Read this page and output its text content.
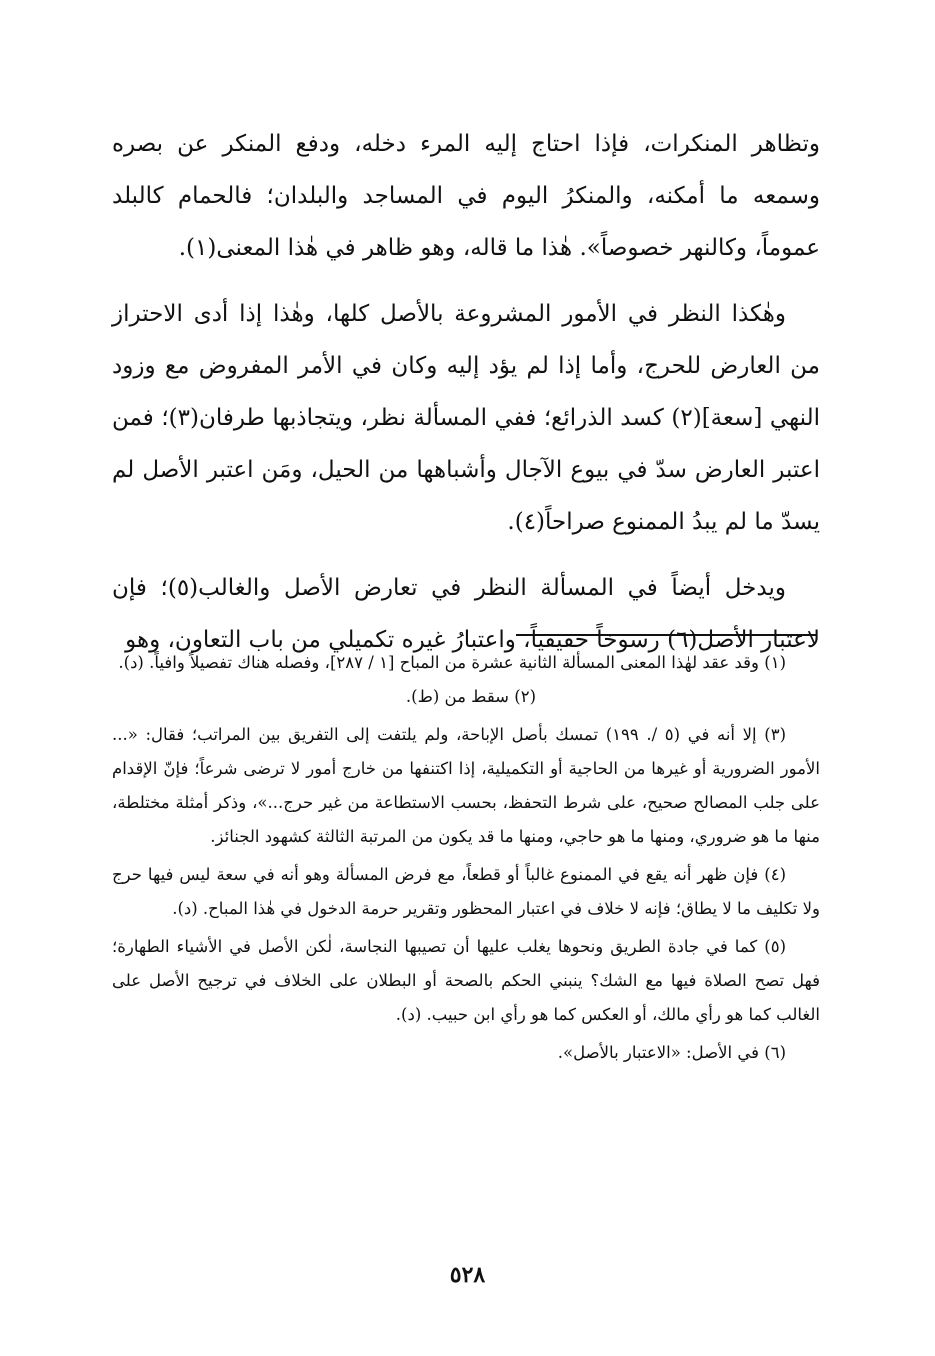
وتظاهر المنكرات، فإذا احتاج إليه المرء دخله، ودفع المنكر عن بصره وسمعه ما أمكنه، والمنكرُ اليوم في المساجد والبلدان؛ فالحمام كالبلد عموماً، وكالنهر خصوصاً». هٰذا ما قاله، وهو ظاهر في هٰذا المعنى(١).

وهٰكذا النظر في الأمور المشروعة بالأصل كلها، وهٰذا إذا أدى الاحتراز من العارض للحرج، وأما إذا لم يؤد إليه وكان في الأمر المفروض مع وزود النهي [سعة](٢) كسد الذرائع؛ ففي المسألة نظر، ويتجاذبها طرفان(٣)؛ فمن اعتبر العارض سدّ في بيوع الآجال وأشباهها من الحيل، ومَن اعتبر الأصل لم يسدّ ما لم يبدُ الممنوع صراحاً(٤).

ويدخل أيضاً في المسألة النظر في تعارض الأصل والغالب(٥)؛ فإن لاعتبار الأصل(٦) رسوخاً حقيقياً، واعتبارُ غيره تكميلي من باب التعاون، وهو

(١) وقد عقد لهٰذا المعنى المسألة الثانية عشرة من المباح [١ / ٢٨٧]، وفصله هناك تفصيلاً وافياً. (د).

(٢) سقط من (ط).

(٣) إلا أنه في (٥ /. ١٩٩) تمسك بأصل الإباحة، ولم يلتفت إلى التفريق بين المراتب؛ فقال: «... الأمور الضرورية أو غيرها من الحاجية أو التكميلية، إذا اكتنفها من خارج أمور لا ترضى شرعاً؛ فإنّ الإقدام على جلب المصالح صحيح، على شرط التحفظ، بحسب الاستطاعة من غير حرج...»، وذكر أمثلة مختلطة، منها ما هو ضروري، ومنها ما هو حاجي، ومنها ما قد يكون من المرتبة الثالثة كشهود الجنائز.

(٤) فإن ظهر أنه يقع في الممنوع غالباً أو قطعاً، مع فرض المسألة وهو أنه في سعة ليس فيها حرج ولا تكليف ما لا يطاق؛ فإنه لا خلاف في اعتبار المحظور وتقرير حرمة الدخول في هٰذا المباح. (د).

(٥) كما في جادة الطريق ونحوها يغلب عليها أن تصيبها النجاسة، لٰكن الأصل في الأشياء الطهارة؛ فهل تصح الصلاة فيها مع الشك؟ ينبني الحكم بالصحة أو البطلان على الخلاف في ترجيح الأصل على الغالب كما هو رأي مالك، أو العكس كما هو رأي ابن حبيب. (د).

(٦) في الأصل: «الاعتبار بالأصل».

٥٢٨
